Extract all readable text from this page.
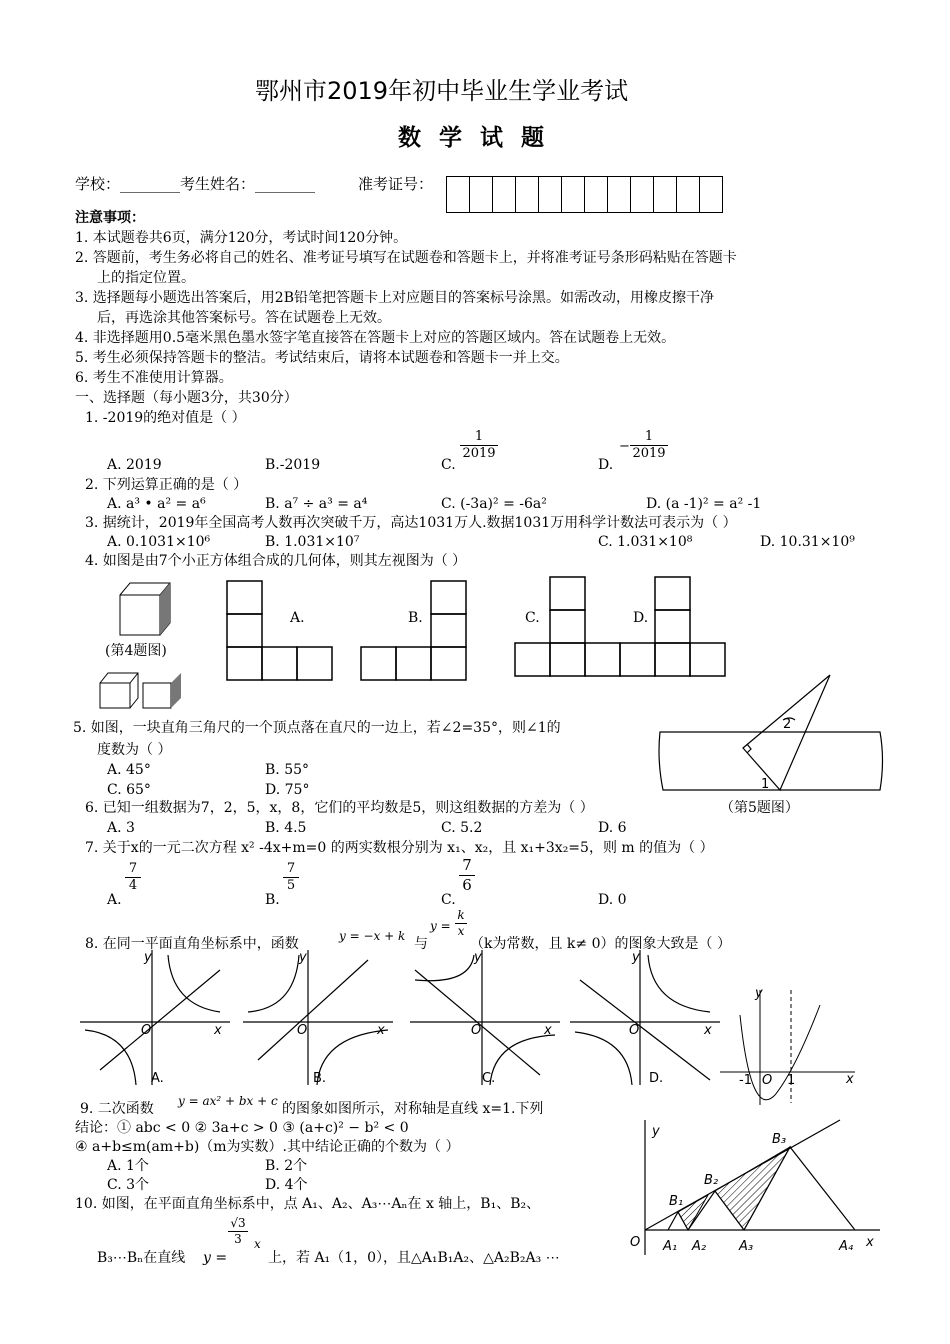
鄂州市2019年初中毕业生学业考试
数学试题
学校：________考生姓名：________	准考证号：
注意事项：
1. 本试题卷共6页，满分120分，考试时间120分钟。
2. 答题前，考生务必将自己的姓名、准考证号填写在试题卷和答题卡上，并将准考证号条形码粘贴在答题卡
上的指定位置。
3. 选择题每小题选出答案后，用2B铅笔把答题卡上对应题目的答案标号涂黑。如需改动，用橡皮擦干净
后，再选涂其他答案标号。答在试题卷上无效。
4. 非选择题用0.5毫米黑色墨水签字笔直接答在答题卡上对应的答题区域内。答在试题卷上无效。
5. 考生必须保持答题卡的整洁。考试结束后，请将本试题卷和答题卡一并上交。
6. 考生不准使用计算器。
一、选择题（每小题3分，共30分）
1. -2019的绝对值是（ ）
A. 2019	B.-2019	C.
1
2019
D.
−
1
2019
2. 下列运算正确的是（ ）
A. a³ • a² = a⁶	B. a⁷ ÷ a³ = a⁴	C. (-3a)² = -6a²	D. (a -1)² = a² -1
3. 据统计，2019年全国高考人数再次突破千万，高达1031万人.数据1031万用科学计数法可表示为（ ）
A. 0.1031×10⁶	B. 1.031×10⁷	C. 1.031×10⁸	D. 10.31×10⁹
4. 如图是由7个小正方体组合成的几何体，则其左视图为（ ）
(第4题图)
A.	B.	C.	D.
5. 如图，一块直角三角尺的一个顶点落在直尺的一边上，若∠2=35°，则∠1的
度数为（ ）
A. 45°	B. 55°
C. 65°	D. 75°
2
1
（第5题图）
6. 已知一组数据为7，2，5，x，8，它们的平均数是5，则这组数据的方差为（ ）
A. 3	B. 4.5	C. 5.2	D. 6
7. 关于x的一元二次方程 x² -4x+m=0 的两实数根分别为 x₁、x₂，且 x₁+3x₂=5，则 m 的值为（ ）
A.
7
4
B.
7
5
C.
7
6
D. 0
8. 在同一平面直角坐标系中，函数	y = −x + k 与
y =
k
x
（k为常数，且 k≠ 0）的图象大致是（ ）
y
x
O
A.
y
x
O
B.
y
x
O
C.
y
x
O
D.
y
x
-1 O 1
9. 二次函数 y = ax² + bx + c 的图象如图所示，对称轴是直线 x=1.下列
结论：① abc < 0 ② 3a+c > 0 ③ (a+c)² − b² < 0
④ a+b≤m(am+b)（m为实数）.其中结论正确的个数为（ ）
A. 1个	B. 2个
C. 3个	D. 4个
10. 如图，在平面直角坐标系中，点 A₁、A₂、A₃⋯Aₙ在 x 轴上，B₁、B₂、
B₃⋯Bₙ在直线 y =
√3
3	x
上，若 A₁（1，0），且△A₁B₁A₂、△A₂B₂A₃ ⋯
O
y
x
A₁ A₂	A₃	A₄
B₁
B₂
B₃
